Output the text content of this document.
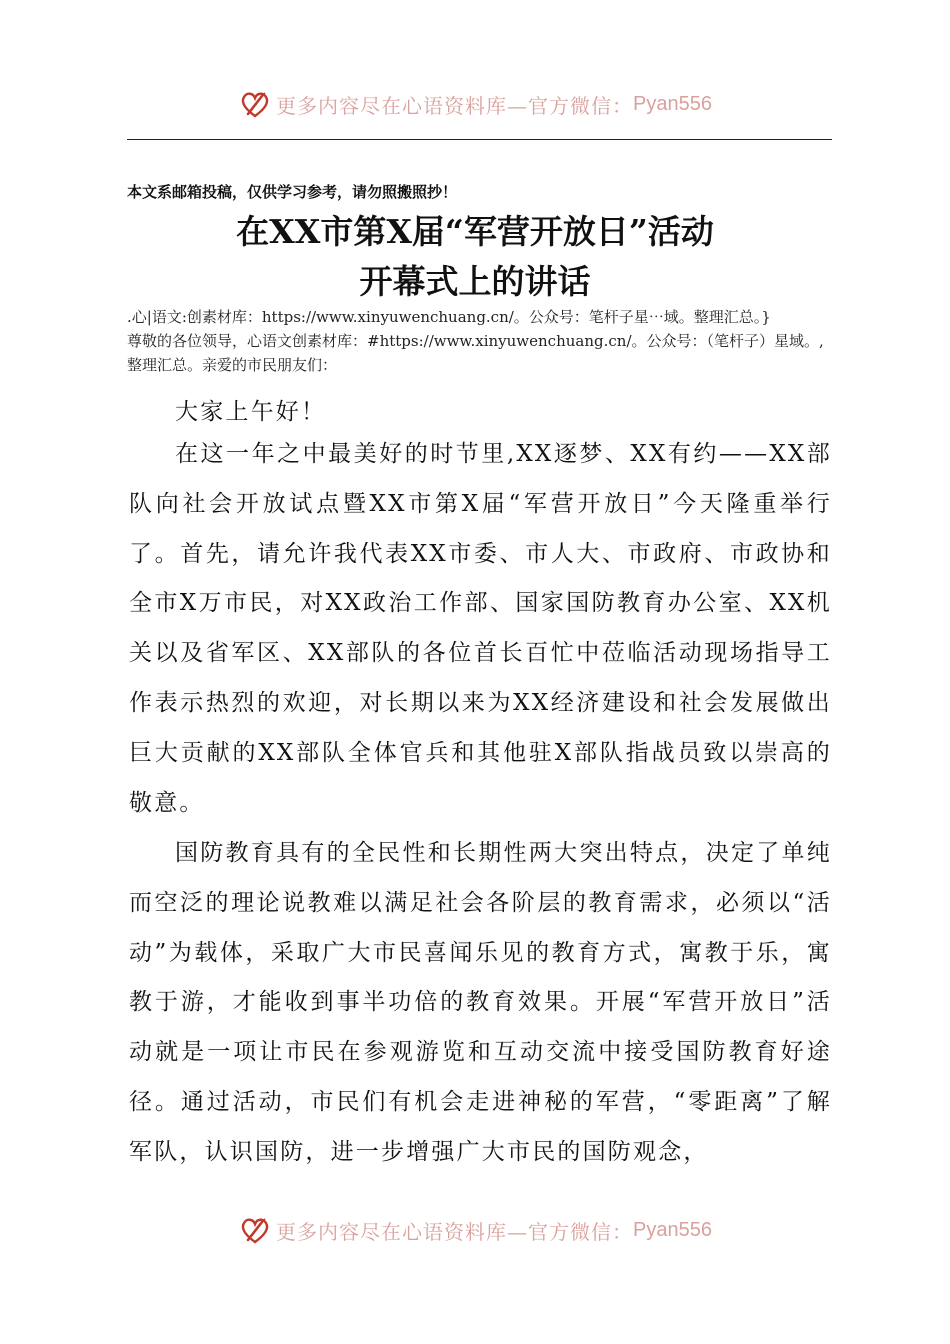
更多内容尽在心语资料库—官方微信： Pyan556
本文系邮箱投稿，仅供学习参考，请勿照搬照抄！
在XX市第X届“军营开放日”活动
开幕式上的讲话
.心|语文:创素材库：https://www.xinyuwenchuang.cn/。公众号：笔杆子星⋯域。整理汇总。}
尊敬的各位领导，心语文创素材库：#https://www.xinyuwenchuang.cn/。公众号：（笔杆子）星域。,整理汇总。亲爱的市民朋友们：

大家上午好！

在这一年之中最美好的时节里,XX逐梦、XX有约——XX部队向社会开放试点暨XX市第X届“军营开放日”今天隆重举行了。首先，请允许我代表XX市委、市人大、市政府、市政协和全市X万市民，对XX政治工作部、国家国防教育办公室、XX机关以及省军区、XX部队的各位首长百忙中莅临活动现场指导工作表示热烈的欢迎，对长期以来为XX经济建设和社会发展做出巨大贡献的XX部队全体官兵和其他驻X部队指战员致以崇高的敬意。

国防教育具有的全民性和长期性两大突出特点，决定了单纯而空泛的理论说教难以满足社会各阶层的教育需求，必须以“活动”为载体，采取广大市民喜闻乐见的教育方式，寓教于乐，寓教于游，才能收到事半功倍的教育效果。开展“军营开放日”活动就是一项让市民在参观游览和互动交流中接受国防教育好途径。通过活动，市民们有机会走进神秘的军营，“零距离”了解军队，认识国防，进一步增强广大市民的国防观念，

更多内容尽在心语资料库—官方微信： Pyan556
